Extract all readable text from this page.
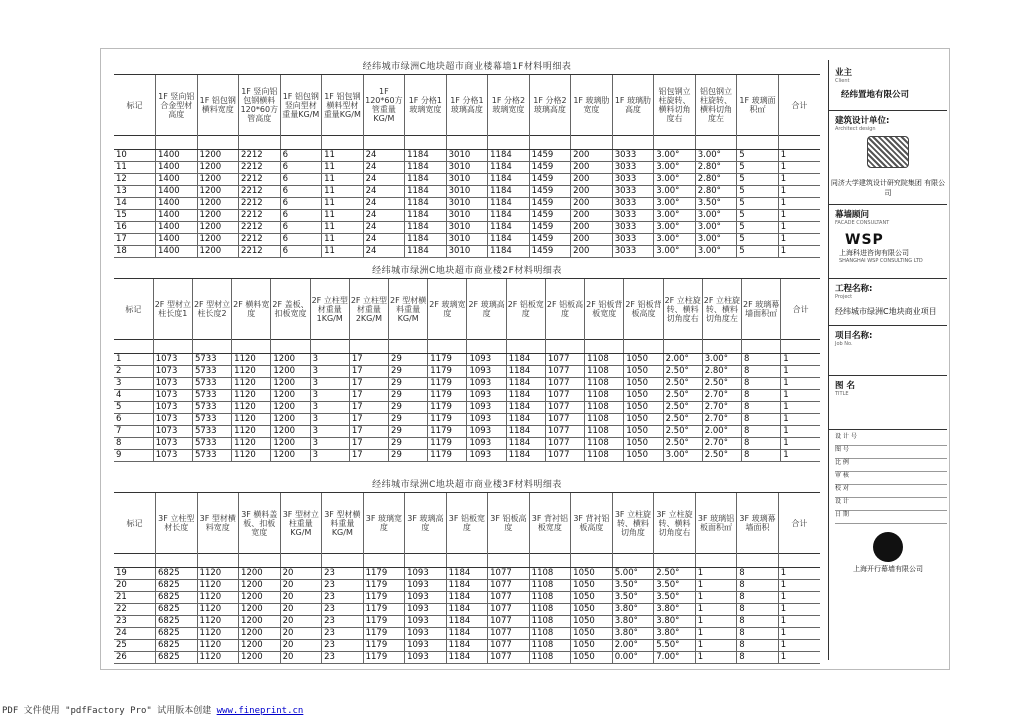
经纬城市绿洲C地块超市商业楼幕墙1F材料明细表
标记	1F 竖向铝合金型材高度	1F 铝包钢横料宽度	1F 竖向铝包钢横料120*60方管高度	1F 铝包钢竖向型材重量KG/M	1F 铝包钢横料型材重量KG/M	1F 120*60方管重量KG/M	1F 分格1玻璃宽度	1F 分格1玻璃高度	1F 分格2玻璃宽度	1F 分格2玻璃高度	1F 玻璃肋宽度	1F 玻璃肋高度	铝包钢立柱旋转、横料切角度右	铝包钢立柱旋转、横料切角度左	1F 玻璃面积㎡	合计

10	1400	1200	2212	6	11	24	1184	3010	1184	1459	200	3033	3.00°	3.00°	5	1
11	1400	1200	2212	6	11	24	1184	3010	1184	1459	200	3033	3.00°	2.80°	5	1
12	1400	1200	2212	6	11	24	1184	3010	1184	1459	200	3033	3.00°	2.80°	5	1
13	1400	1200	2212	6	11	24	1184	3010	1184	1459	200	3033	3.00°	2.80°	5	1
14	1400	1200	2212	6	11	24	1184	3010	1184	1459	200	3033	3.00°	3.50°	5	1
15	1400	1200	2212	6	11	24	1184	3010	1184	1459	200	3033	3.00°	3.00°	5	1
16	1400	1200	2212	6	11	24	1184	3010	1184	1459	200	3033	3.00°	3.00°	5	1
17	1400	1200	2212	6	11	24	1184	3010	1184	1459	200	3033	3.00°	3.00°	5	1
18	1400	1200	2212	6	11	24	1184	3010	1184	1459	200	3033	3.00°	3.00°	5	1
经纬城市绿洲C地块超市商业楼2F材料明细表
标记	2F 型材立柱长度1	2F 型材立柱长度2	2F 横料宽度	2F 盖板、扣板宽度	2F 立柱型材重量1KG/M	2F 立柱型材重量2KG/M	2F 型材横料重量KG/M	2F 玻璃宽度	2F 玻璃高度	2F 铝板宽度	2F 铝板高度	2F 铝板背板宽度	2F 铝板背板高度	2F 立柱旋转、横料切角度右	2F 立柱旋转、横料切角度左	2F 玻璃幕墙面积㎡	合计

1	1073	5733	1120	1200	3	17	29	1179	1093	1184	1077	1108	1050	2.00°	3.00°	8	1
2	1073	5733	1120	1200	3	17	29	1179	1093	1184	1077	1108	1050	2.50°	2.80°	8	1
3	1073	5733	1120	1200	3	17	29	1179	1093	1184	1077	1108	1050	2.50°	2.50°	8	1
4	1073	5733	1120	1200	3	17	29	1179	1093	1184	1077	1108	1050	2.50°	2.70°	8	1
5	1073	5733	1120	1200	3	17	29	1179	1093	1184	1077	1108	1050	2.50°	2.70°	8	1
6	1073	5733	1120	1200	3	17	29	1179	1093	1184	1077	1108	1050	2.50°	2.70°	8	1
7	1073	5733	1120	1200	3	17	29	1179	1093	1184	1077	1108	1050	2.50°	2.00°	8	1
8	1073	5733	1120	1200	3	17	29	1179	1093	1184	1077	1108	1050	2.50°	2.70°	8	1
9	1073	5733	1120	1200	3	17	29	1179	1093	1184	1077	1108	1050	3.00°	2.50°	8	1
经纬城市绿洲C地块超市商业楼3F材料明细表
标记	3F 立柱型材长度	3F 型材横料宽度	3F 横料盖板、扣板宽度	3F 型材立柱重量KG/M	3F 型材横料重量KG/M	3F 玻璃宽度	3F 玻璃高度	3F 铝板宽度	3F 铝板高度	3F 背衬铝板宽度	3F 背衬铝板高度	3F 立柱旋转、横料切角度	3F 立柱旋转、横料切角度右	3F 玻璃铝板面积㎡	3F 玻璃幕墙面积	合计

19	6825	1120	1200	20	23	1179	1093	1184	1077	1108	1050	5.00°	2.50°	1	8	1
20	6825	1120	1200	20	23	1179	1093	1184	1077	1108	1050	3.50°	3.50°	1	8	1
21	6825	1120	1200	20	23	1179	1093	1184	1077	1108	1050	3.50°	3.50°	1	8	1
22	6825	1120	1200	20	23	1179	1093	1184	1077	1108	1050	3.80°	3.80°	1	8	1
23	6825	1120	1200	20	23	1179	1093	1184	1077	1108	1050	3.80°	3.80°	1	8	1
24	6825	1120	1200	20	23	1179	1093	1184	1077	1108	1050	3.80°	3.80°	1	8	1
25	6825	1120	1200	20	23	1179	1093	1184	1077	1108	1050	2.00°	5.50°	1	8	1
26	6825	1120	1200	20	23	1179	1093	1184	1077	1108	1050	0.00°	7.00°	1	8	1
业主
Client
经纬置地有限公司
建筑设计单位:
Architect design
同济大学建筑设计研究院集团 有限公司
幕墙顾问
FACADE CONSULTANT
WSP
上海科进咨询有限公司
SHANGHAI WSP CONSULTING LTD
工程名称:
Project
经纬城市绿洲C地块商业项目
项目名称:
Job No.
图 名
TITLE
设 计 号
图 号
比 例
审 核
校 对
设 计
日 期
上海开行幕墙有限公司
PDF 文件使用 "pdfFactory Pro" 试用版本创建 www.fineprint.cn
